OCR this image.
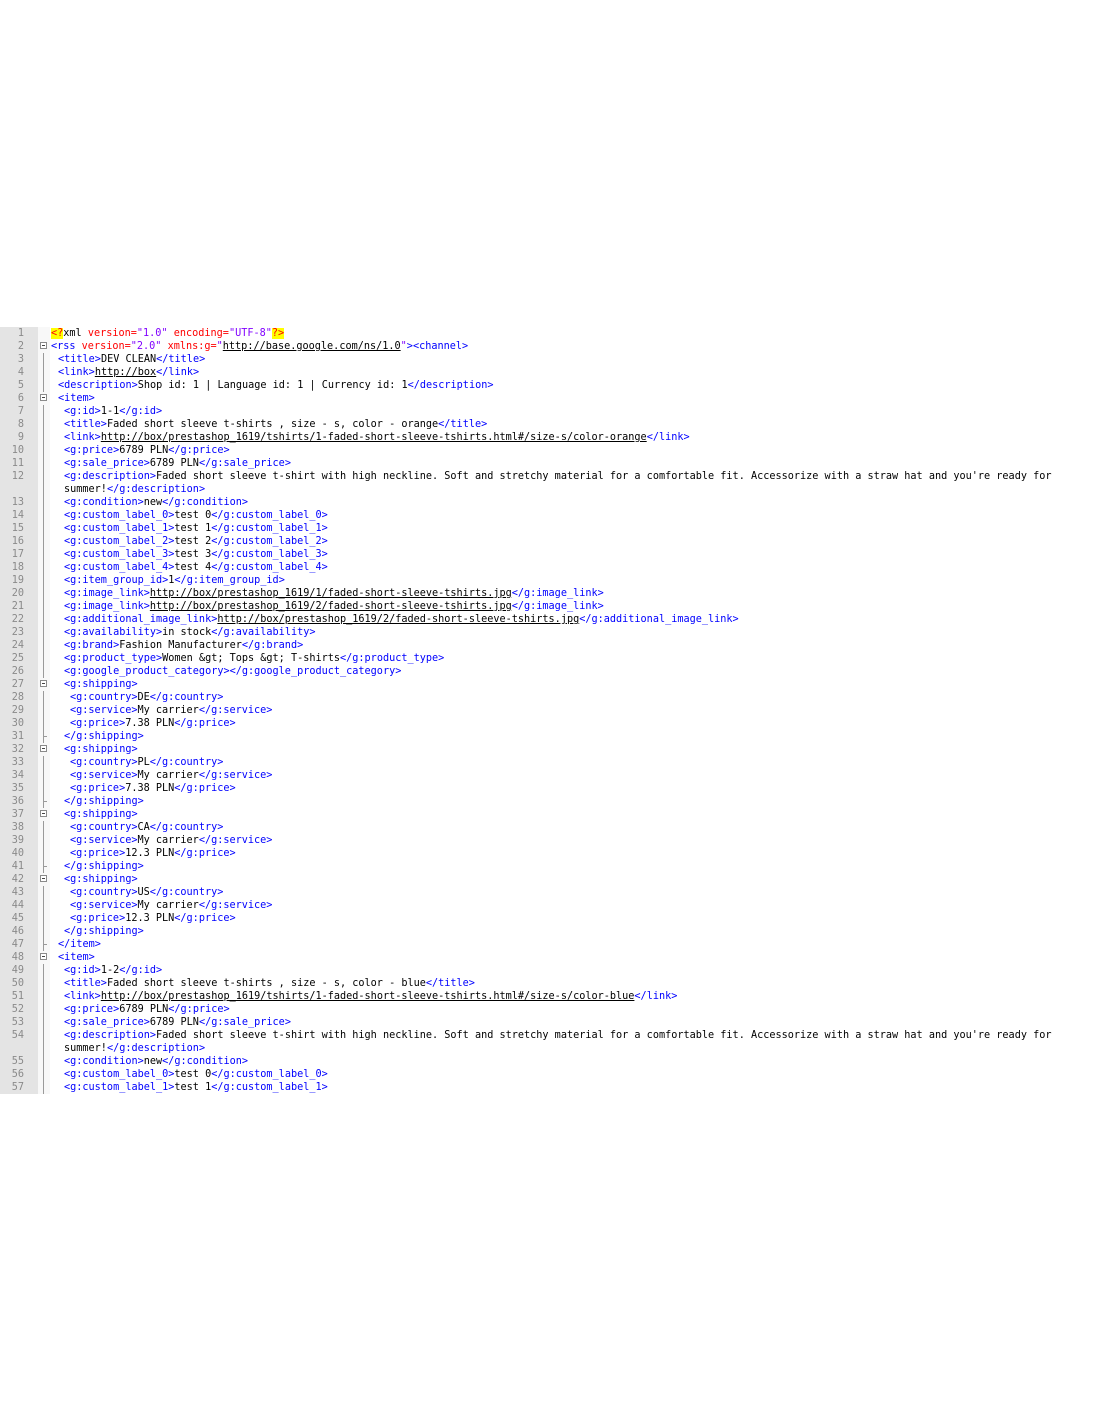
1	<?xml version="1.0" encoding="UTF-8"?>
2	<rss version="2.0" xmlns:g="http://base.google.com/ns/1.0"><channel>
3	<title>DEV CLEAN</title>
4	<link>http://box</link>
5	<description>Shop id: 1 | Language id: 1 | Currency id: 1</description>
6	<item>
7	<g:id>1-1</g:id>
8	<title>Faded short sleeve t-shirts , size - s, color - orange</title>
9	<link>http://box/prestashop_1619/tshirts/1-faded-short-sleeve-tshirts.html#/size-s/color-orange</link>
10	<g:price>6789 PLN</g:price>
11	<g:sale_price>6789 PLN</g:sale_price>
12	<g:description>Faded short sleeve t-shirt with high neckline. Soft and stretchy material for a comfortable fit. Accessorize with a straw hat and you're ready for summer!</g:description>
13	<g:condition>new</g:condition>
14	<g:custom_label_0>test 0</g:custom_label_0>
15	<g:custom_label_1>test 1</g:custom_label_1>
16	<g:custom_label_2>test 2</g:custom_label_2>
17	<g:custom_label_3>test 3</g:custom_label_3>
18	<g:custom_label_4>test 4</g:custom_label_4>
19	<g:item_group_id>1</g:item_group_id>
20	<g:image_link>http://box/prestashop_1619/1/faded-short-sleeve-tshirts.jpg</g:image_link>
21	<g:image_link>http://box/prestashop_1619/2/faded-short-sleeve-tshirts.jpg</g:image_link>
22	<g:additional_image_link>http://box/prestashop_1619/2/faded-short-sleeve-tshirts.jpg</g:additional_image_link>
23	<g:availability>in stock</g:availability>
24	<g:brand>Fashion Manufacturer</g:brand>
25	<g:product_type>Women &gt; Tops &gt; T-shirts</g:product_type>
26	<g:google_product_category></g:google_product_category>
27	<g:shipping>
28	<g:country>DE</g:country>
29	<g:service>My carrier</g:service>
30	<g:price>7.38 PLN</g:price>
31	</g:shipping>
32	<g:shipping>
33	<g:country>PL</g:country>
34	<g:service>My carrier</g:service>
35	<g:price>7.38 PLN</g:price>
36	</g:shipping>
37	<g:shipping>
38	<g:country>CA</g:country>
39	<g:service>My carrier</g:service>
40	<g:price>12.3 PLN</g:price>
41	</g:shipping>
42	<g:shipping>
43	<g:country>US</g:country>
44	<g:service>My carrier</g:service>
45	<g:price>12.3 PLN</g:price>
46	</g:shipping>
47	</item>
48	<item>
49	<g:id>1-2</g:id>
50	<title>Faded short sleeve t-shirts , size - s, color - blue</title>
51	<link>http://box/prestashop_1619/tshirts/1-faded-short-sleeve-tshirts.html#/size-s/color-blue</link>
52	<g:price>6789 PLN</g:price>
53	<g:sale_price>6789 PLN</g:sale_price>
54	<g:description>Faded short sleeve t-shirt with high neckline. Soft and stretchy material for a comfortable fit. Accessorize with a straw hat and you're ready for summer!</g:description>
55	<g:condition>new</g:condition>
56	<g:custom_label_0>test 0</g:custom_label_0>
57	<g:custom_label_1>test 1</g:custom_label_1>
